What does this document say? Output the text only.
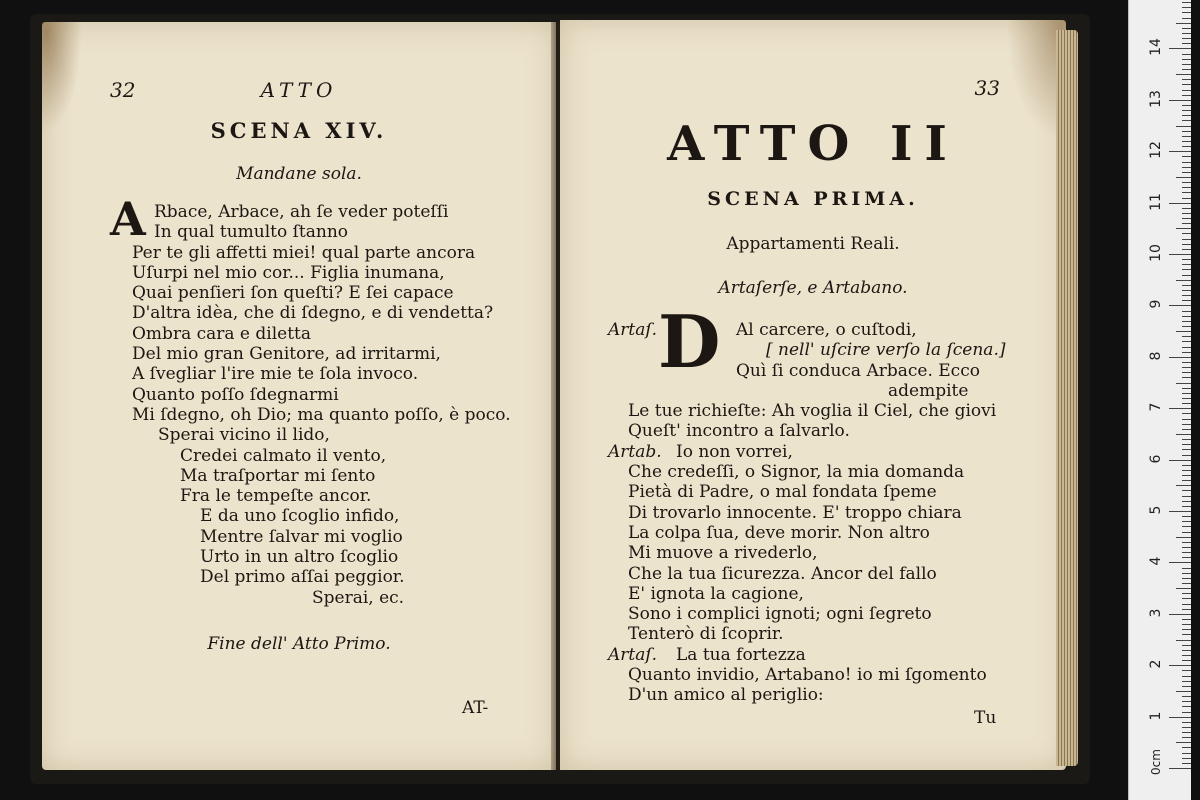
32	ATTO
SCENA XIV.
Mandane sola.
A Rbace, Arbace, ah ſe veder poteſſi
In qual tumulto ſtanno
Per te gli affetti miei! qual parte ancora
Uſurpi nel mio cor... Figlia inumana,
Quai penſieri ſon queſti? E ſei capace
D'altra idèa, che di ſdegno, e di vendetta?
Ombra cara e diletta
Del mio gran Genitore, ad irritarmi,
A ſvegliar l'ire mie te ſola invoco.
Quanto poſſo ſdegnarmi
Mi ſdegno, oh Dio; ma quanto poſſo, è poco.
Sperai vicino il lido,
Credei calmato il vento,
Ma traſportar mi ſento
Fra le tempeſte ancor.
E da uno ſcoglio infido,
Mentre ſalvar mi voglio
Urto in un altro ſcoglio
Del primo aſſai peggior.
Sperai, ec.
Fine dell' Atto Primo.
AT-
33
ATTO II
SCENA PRIMA.
Appartamenti Reali.
Artaſerſe, e Artabano.
Artaſ. D Al carcere, o cuſtodi,
[ nell' uſcire verſo la ſcena.]
Quì ſi conduca Arbace. Ecco
adempite
Le tue richieſte: Ah voglia il Ciel, che giovi
Queſt' incontro a ſalvarlo.
Io non vorrei,
Che credeſſi, o Signor, la mia domanda
Pietà di Padre, o mal fondata ſpeme
Di trovarlo innocente. E' troppo chiara
La colpa ſua, deve morir. Non altro
Mi muove a rivederlo,
Che la tua ſicurezza. Ancor del fallo
E' ignota la cagione,
Sono i complici ignoti; ogni ſegreto
Tenterò di ſcoprir.
La tua fortezza
Quanto invidio, Artabano! io mi ſgomento
D'un amico al periglio:
Artab.
Artaſ.
Tu
0cm
1
2
3
4
5
6
7
8
9
10
11
12
13
14
